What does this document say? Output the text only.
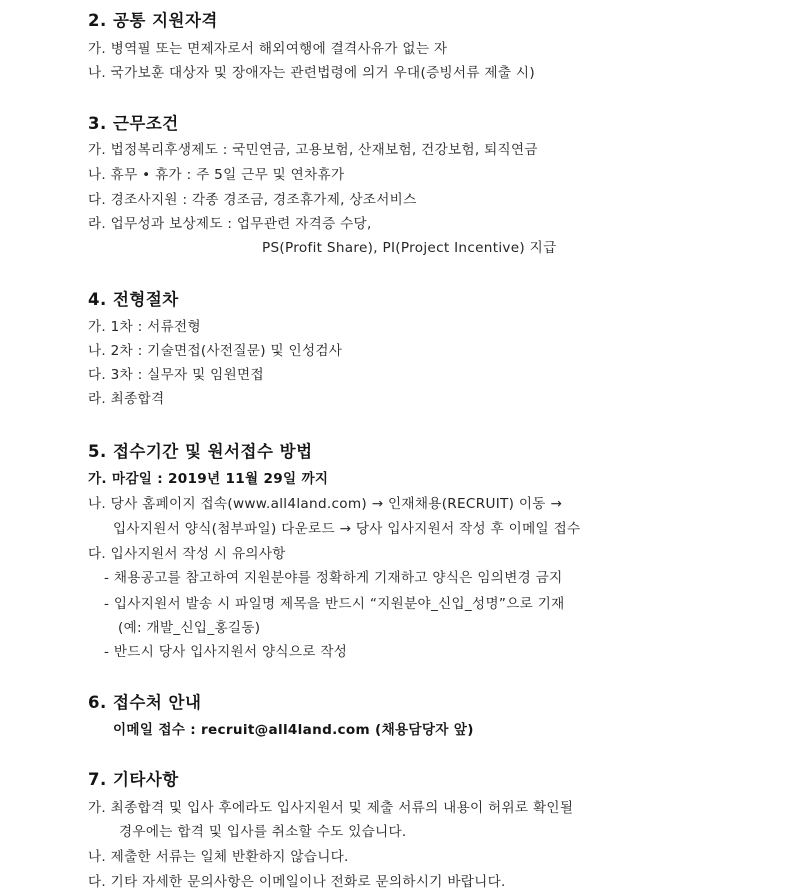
2. 공통 지원자격
가. 병역필 또는 면제자로서 해외여행에 결격사유가 없는 자
나. 국가보훈 대상자 및 장애자는 관련법령에 의거 우대(증빙서류 제출 시)
3. 근무조건
가. 법정복리후생제도 : 국민연금, 고용보험, 산재보험, 건강보험, 퇴직연금
나. 휴무 • 휴가 : 주 5일 근무 및 연차휴가
다. 경조사지원 : 각종 경조금, 경조휴가제, 상조서비스
라. 업무성과 보상제도 : 업무관련 자격증 수당,
PS(Profit Share), PI(Project Incentive) 지급
4. 전형절차
가. 1차 : 서류전형
나. 2차 : 기술면접(사전질문) 및 인성검사
다. 3차 : 실무자 및 임원면접
라. 최종합격
5. 접수기간 및 원서접수 방법
가. 마감일 : 2019년 11월 29일 까지
나. 당사 홈페이지 접속(www.all4land.com) → 인재채용(RECRUIT) 이동 →
입사지원서 양식(첨부파일) 다운로드 → 당사 입사지원서 작성 후 이메일 접수
다. 입사지원서 작성 시 유의사항
- 채용공고를 참고하여 지원분야를 정확하게 기재하고 양식은 임의변경 금지
- 입사지원서 발송 시 파일명 제목을 반드시 “지원분야_신입_성명”으로 기재
(예: 개발_신입_홍길동)
- 반드시 당사 입사지원서 양식으로 작성
6. 접수처 안내
이메일 접수 : recruit@all4land.com (채용담당자 앞)
7. 기타사항
가. 최종합격 및 입사 후에라도 입사지원서 및 제출 서류의 내용이 허위로 확인될
경우에는 합격 및 입사를 취소할 수도 있습니다.
나. 제출한 서류는 일체 반환하지 않습니다.
다. 기타 자세한 문의사항은 이메일이나 전화로 문의하시기 바랍니다.
